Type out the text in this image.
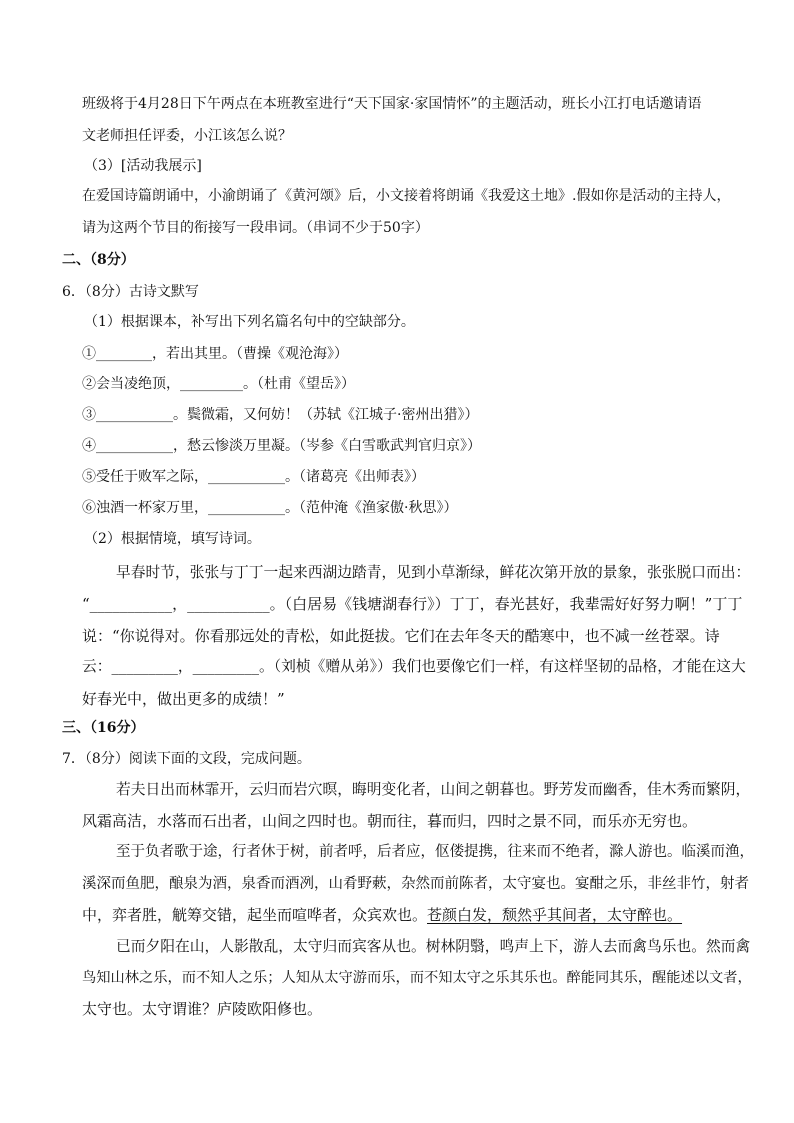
班级将于4月28日下午两点在本班教室进行“天下国家·家国情怀”的主题活动，班长小江打电话邀请语
文老师担任评委，小江该怎么说？
（3）[活动我展示]
在爱国诗篇朗诵中，小渝朗诵了《黄河颂》后，小文接着将朗诵《我爱这土地》.假如你是活动的主持人，
请为这两个节目的衔接写一段串词。（串词不少于50字）
二、（8分）
6．（8分）古诗文默写
（1）根据课本，补写出下列名篇名句中的空缺部分。
①________，若出其里。（曹操《观沧海》）
②会当凌绝顶，_________。（杜甫《望岳》）
③___________。鬓微霜，又何妨！（苏轼《江城子·密州出猎》）
④___________，愁云惨淡万里凝。（岑参《白雪歌武判官归京》）
⑤受任于败军之际，___________。（诸葛亮《出师表》）
⑥浊酒一杯家万里，___________。（范仲淹《渔家傲·秋思》）
（2）根据情境，填写诗词。
早春时节，张张与丁丁一起来西湖边踏青，见到小草渐绿，鲜花次第开放的景象，张张脱口而出：
“___________，___________。（白居易《钱塘湖春行》）丁丁，春光甚好，我辈需好好努力啊！”丁丁
说：“你说得对。你看那远处的青松，如此挺拔。它们在去年冬天的酷寒中，也不减一丝苍翠。诗
云：_________，_________。（刘桢《赠从弟》）我们也要像它们一样，有这样坚韧的品格，才能在这大
好春光中，做出更多的成绩！”
三、（16分）
7．（8分）阅读下面的文段，完成问题。
若夫日出而林霏开，云归而岩穴暝，晦明变化者，山间之朝暮也。野芳发而幽香，佳木秀而繁阴，
风霜高洁，水落而石出者，山间之四时也。朝而往，暮而归，四时之景不同，而乐亦无穷也。
至于负者歌于途，行者休于树，前者呼，后者应，伛偻提携，往来而不绝者，滁人游也。临溪而渔，
溪深而鱼肥，酿泉为酒，泉香而酒冽，山肴野蔌，杂然而前陈者，太守宴也。宴酣之乐，非丝非竹，射者
中，弈者胜，觥筹交错，起坐而喧哗者，众宾欢也。苍颜白发，颓然乎其间者，太守醉也。
已而夕阳在山，人影散乱，太守归而宾客从也。树林阴翳，鸣声上下，游人去而禽鸟乐也。然而禽
鸟知山林之乐，而不知人之乐；人知从太守游而乐，而不知太守之乐其乐也。醉能同其乐，醒能述以文者，
太守也。太守谓谁？庐陵欧阳修也。
